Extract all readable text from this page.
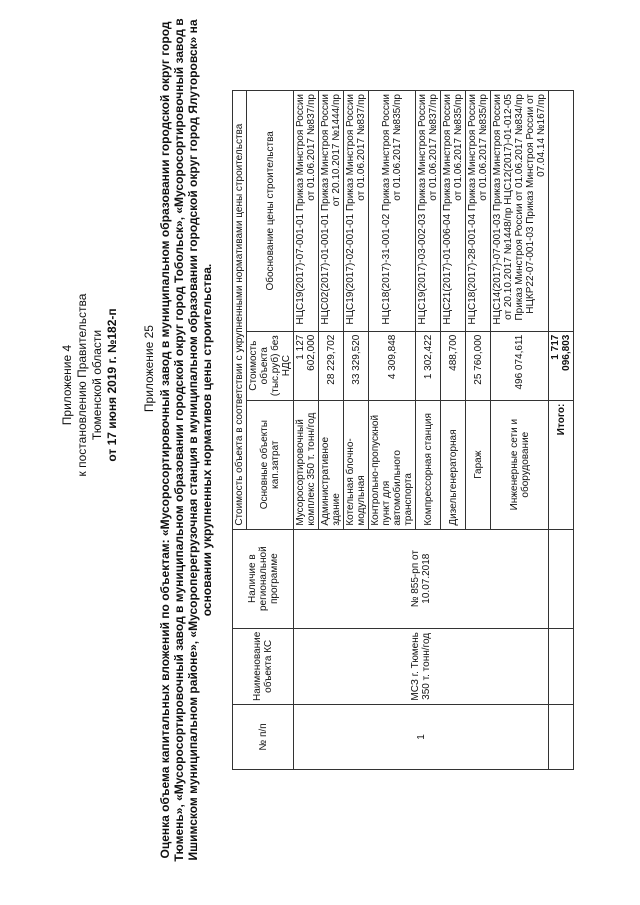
Приложение 4 к постановлению Правительства Тюменской области от 17 июня 2019 г. №182-п Приложение 25 Оценка объема капитальных вложений по объектам: «Мусоросортировочный завод в муниципальном образовании городской округ город Тюмень», «Мусоросортировочный завод в муниципальном образовании городской округ город Тобольск», «Мусоросортировочный завод в Ишимском муниципальном районе», «Мусороперегрузочная станция в муниципальном образовании городской округ город Ялуторовск» на основании укрупненных нормативов цены строительства.
№ п/п	Наименование объекта КС	Наличие в региональной программе	Стоимость объекта в соответствии с укрупненными нормативами цены строительства		
			Основные объекты кап.затрат	Стоимость объекта (тыс.руб) без НДС	Обоснование цены строительства
1	МСЗ г. Тюмень 350 т. тонн/год	№ 855-рп от 10.07.2018	Мусоросортировочный комплекс 350 т. тонн/год	1 127 602,000	НЦС19(2017)-07-001-01 Приказ Минстроя России от 01.06.2017 №837/пр
			Административное здание	28 229,702	НЦС02(2017)-01-001-01 Приказ Минстроя России от 20.10.2017 №1444/пр
			Котельная блочно-модульная	33 329,520	НЦС19(2017)-02-001-01 Приказ Минстроя России от 01.06.2017 №837/пр
			Контрольно-пропускной пункт для автомобильного транспорта	4 309,848	НЦС18(2017)-31-001-02 Приказ Минстроя России от 01.06.2017 №835/пр
			Компрессорная станция	1 302,422	НЦС19(2017)-03-002-03 Приказ Минстроя России от 01.06.2017 №837/пр
			Дизельгенераторная	488,700	НЦС21(2017)-01-006-04 Приказ Минстроя России от 01.06.2017 №835/пр
			Гараж	25 760,000	НЦС18(2017)-28-001-04 Приказ Минстроя России от 01.06.2017 №835/пр
			Инженерные сети и оборудование	496 074,611	НЦС14(2017)-07-001-03 Приказ Минстроя России от 20.10.2017 №1448/пр НЦС12(2017)-01-012-05 Приказ Минстроя России от 01.06.2017 №834/пр НЦКР22-07-001-03 Приказ Минстроя России от 07.04.14 №167/пр
			Итого:	1 717 096,803	
